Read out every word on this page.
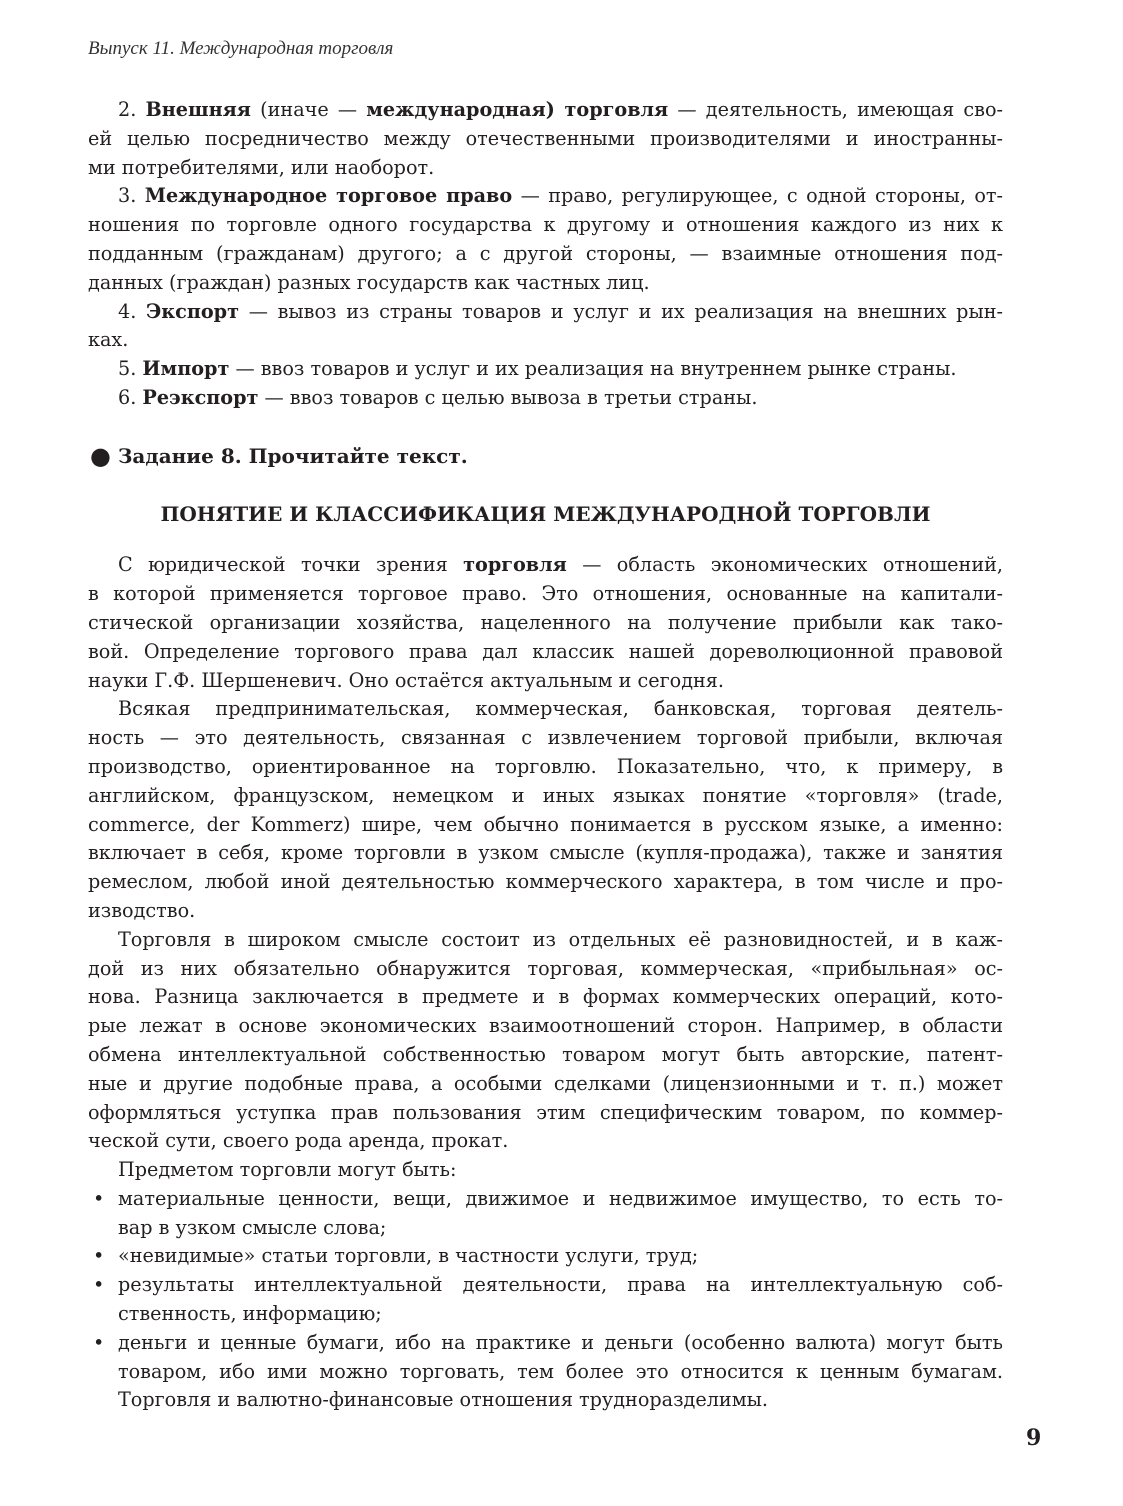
Выпуск 11. Международная торговля
2. Внешняя (иначе — международная) торговля — деятельность, имеющая сво-
ей целью посредничество между отечественными производителями и иностранны-
ми потребителями, или наоборот.
3. Международное торговое право — право, регулирующее, с одной стороны, от-
ношения по торговле одного государства к другому и отношения каждого из них к
подданным (гражданам) другого; а с другой стороны, — взаимные отношения под-
данных (граждан) разных государств как частных лиц.
4. Экспорт — вывоз из страны товаров и услуг и их реализация на внешних рын-
ках.
5. Импорт — ввоз товаров и услуг и их реализация на внутреннем рынке страны.
6. Реэкспорт — ввоз товаров с целью вывоза в третьи страны.
● Задание 8. Прочитайте текст.
ПОНЯТИЕ И КЛАССИФИКАЦИЯ МЕЖДУНАРОДНОЙ ТОРГОВЛИ
С юридической точки зрения торговля — область экономических отношений,
в которой применяется торговое право. Это отношения, основанные на капитали-
стической организации хозяйства, нацеленного на получение прибыли как тако-
вой. Определение торгового права дал классик нашей дореволюционной правовой
науки Г.Ф. Шершеневич. Оно остаётся актуальным и сегодня.
Всякая предпринимательская, коммерческая, банковская, торговая деятель-
ность — это деятельность, связанная с извлечением торговой прибыли, включая
производство, ориентированное на торговлю. Показательно, что, к примеру, в
английском, французском, немецком и иных языках понятие «торговля» (trade,
commerce, der Kommerz) шире, чем обычно понимается в русском языке, а именно:
включает в себя, кроме торговли в узком смысле (купля-продажа), также и занятия
ремеслом, любой иной деятельностью коммерческого характера, в том числе и про-
изводство.
Торговля в широком смысле состоит из отдельных её разновидностей, и в каж-
дой из них обязательно обнаружится торговая, коммерческая, «прибыльная» ос-
нова. Разница заключается в предмете и в формах коммерческих операций, кото-
рые лежат в основе экономических взаимоотношений сторон. Например, в области
обмена интеллектуальной собственностью товаром могут быть авторские, патент-
ные и другие подобные права, а особыми сделками (лицензионными и т. п.) может
оформляться уступка прав пользования этим специфическим товаром, по коммер-
ческой сути, своего рода аренда, прокат.
Предметом торговли могут быть:
• материальные ценности, вещи, движимое и недвижимое имущество, то есть то-
вар в узком смысле слова;
• «невидимые» статьи торговли, в частности услуги, труд;
• результаты интеллектуальной деятельности, права на интеллектуальную соб-
ственность, информацию;
• деньги и ценные бумаги, ибо на практике и деньги (особенно валюта) могут быть
товаром, ибо ими можно торговать, тем более это относится к ценным бумагам.
Торговля и валютно-финансовые отношения трудноразделимы.
9
